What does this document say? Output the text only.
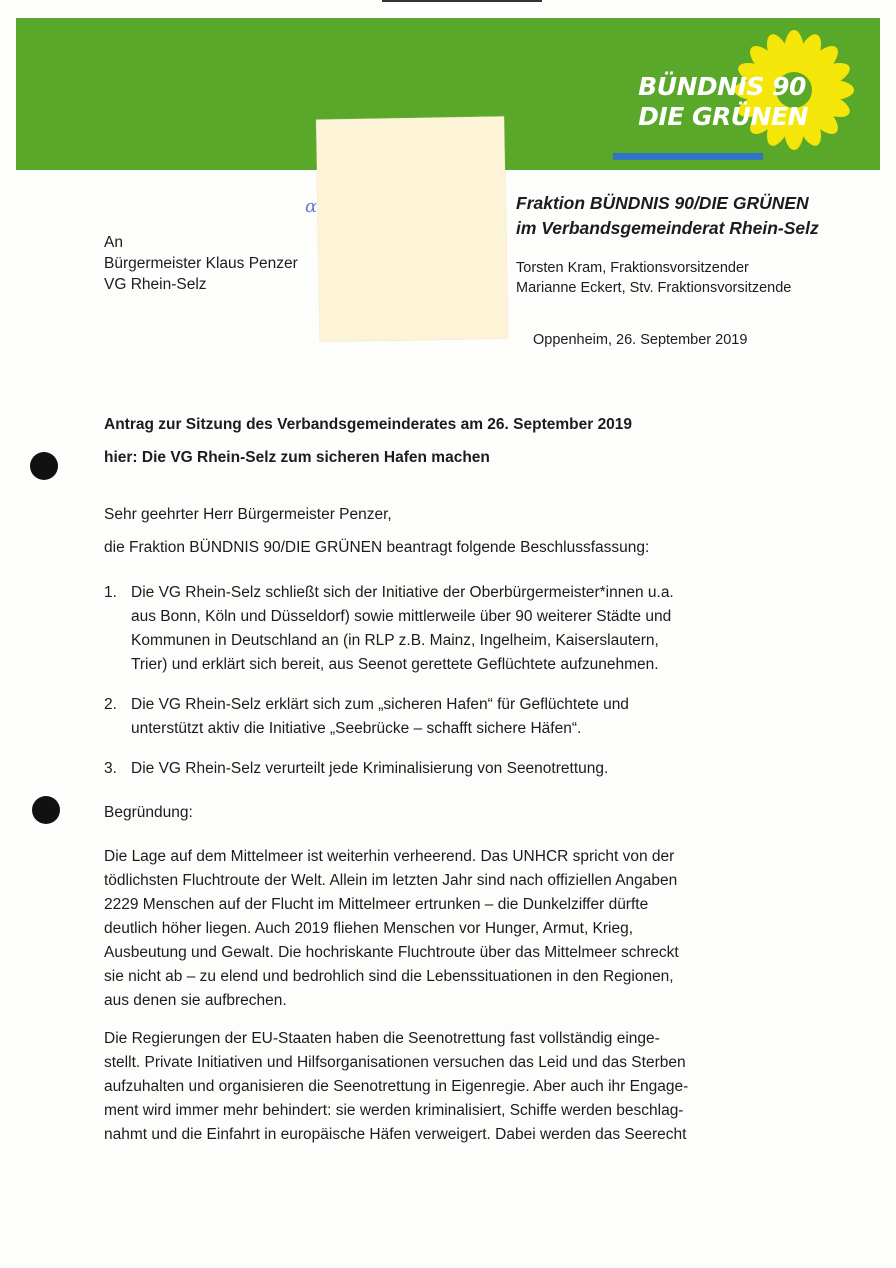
BÜNDNIS 90
DIE GRÜNEN
ɑ
An
Bürgermeister Klaus Penzer
VG Rhein-Selz
Fraktion BÜNDNIS 90/DIE GRÜNEN
im Verbandsgemeinderat Rhein-Selz
Torsten Kram, Fraktionsvorsitzender
Marianne Eckert, Stv. Fraktionsvorsitzende
Oppenheim, 26. September 2019
Antrag zur Sitzung des Verbandsgemeinderates am 26. September 2019
hier: Die VG Rhein-Selz zum sicheren Hafen machen
Sehr geehrter Herr Bürgermeister Penzer,
die Fraktion BÜNDNIS 90/DIE GRÜNEN beantragt folgende Beschlussfassung:
1. Die VG Rhein-Selz schließt sich der Initiative der Oberbürgermeister*innen u.a.
aus Bonn, Köln und Düsseldorf) sowie mittlerweile über 90 weiterer Städte und
Kommunen in Deutschland an (in RLP z.B. Mainz, Ingelheim, Kaiserslautern,
Trier) und erklärt sich bereit, aus Seenot gerettete Geflüchtete aufzunehmen.
2. Die VG Rhein-Selz erklärt sich zum „sicheren Hafen“ für Geflüchtete und
unterstützt aktiv die Initiative „Seebrücke – schafft sichere Häfen“.
3. Die VG Rhein-Selz verurteilt jede Kriminalisierung von Seenotrettung.
Begründung:
Die Lage auf dem Mittelmeer ist weiterhin verheerend. Das UNHCR spricht von der
tödlichsten Fluchtroute der Welt. Allein im letzten Jahr sind nach offiziellen Angaben
2229 Menschen auf der Flucht im Mittelmeer ertrunken – die Dunkelziffer dürfte
deutlich höher liegen. Auch 2019 fliehen Menschen vor Hunger, Armut, Krieg,
Ausbeutung und Gewalt. Die hochriskante Fluchtroute über das Mittelmeer schreckt
sie nicht ab – zu elend und bedrohlich sind die Lebenssituationen in den Regionen,
aus denen sie aufbrechen.
Die Regierungen der EU-Staaten haben die Seenotrettung fast vollständig einge-
stellt. Private Initiativen und Hilfsorganisationen versuchen das Leid und das Sterben
aufzuhalten und organisieren die Seenotrettung in Eigenregie. Aber auch ihr Engage-
ment wird immer mehr behindert: sie werden kriminalisiert, Schiffe werden beschlag-
nahmt und die Einfahrt in europäische Häfen verweigert. Dabei werden das Seerecht
